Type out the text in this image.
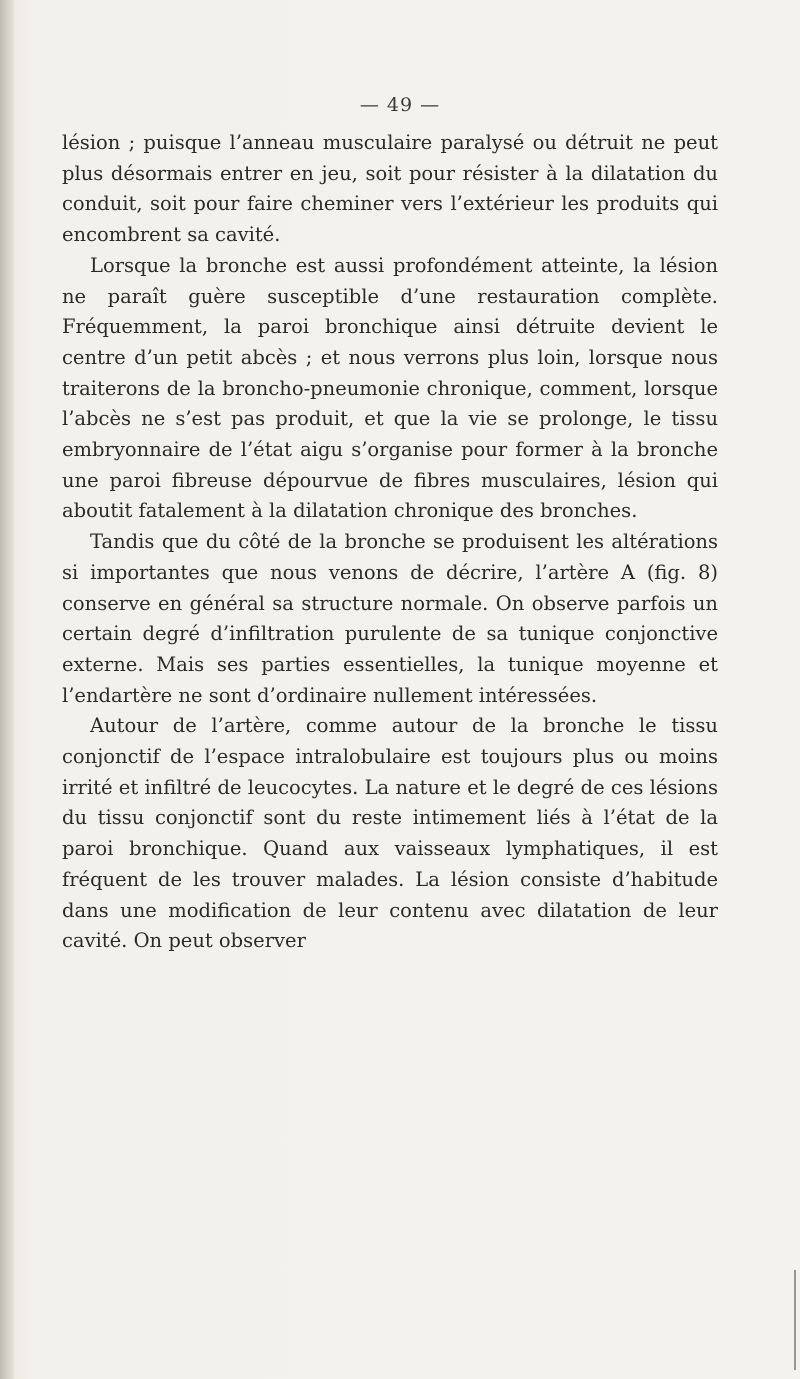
— 49 —

lésion ; puisque l’anneau musculaire paralysé ou détruit ne peut plus désormais entrer en jeu, soit pour résister à la dilatation du conduit, soit pour faire cheminer vers l’extérieur les produits qui encombrent sa cavité.

Lorsque la bronche est aussi profondément atteinte, la lésion ne paraît guère susceptible d’une restauration complète. Fréquemment, la paroi bronchique ainsi détruite devient le centre d’un petit abcès ; et nous verrons plus loin, lorsque nous traiterons de la broncho-pneumonie chronique, comment, lorsque l’abcès ne s’est pas produit, et que la vie se prolonge, le tissu embryonnaire de l’état aigu s’organise pour former à la bronche une paroi fibreuse dépourvue de fibres musculaires, lésion qui aboutit fatalement à la dilatation chronique des bronches.

Tandis que du côté de la bronche se produisent les altérations si importantes que nous venons de décrire, l’artère A (fig. 8) conserve en général sa structure normale. On observe parfois un certain degré d’infiltration purulente de sa tunique conjonctive externe. Mais ses parties essentielles, la tunique moyenne et l’endartère ne sont d’ordinaire nullement intéressées.

Autour de l’artère, comme autour de la bronche le tissu conjonctif de l’espace intralobulaire est toujours plus ou moins irrité et infiltré de leucocytes. La nature et le degré de ces lésions du tissu conjonctif sont du reste intimement liés à l’état de la paroi bronchique. Quand aux vaisseaux lymphatiques, il est fréquent de les trouver malades. La lésion consiste d’habitude dans une modification de leur contenu avec dilatation de leur cavité. On peut observer
